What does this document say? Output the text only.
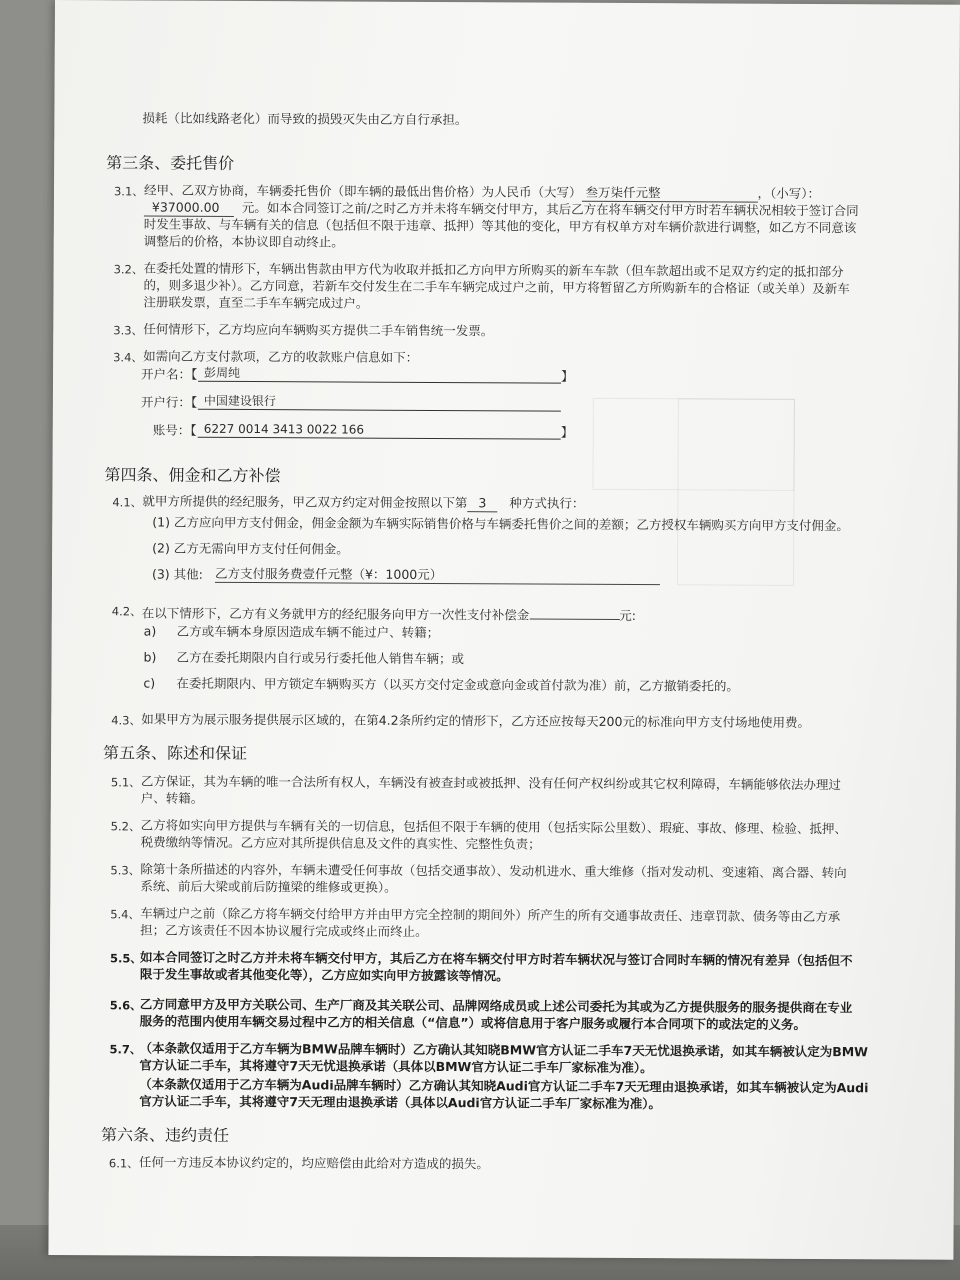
损耗（比如线路老化）而导致的损毁灭失由乙方自行承担。
第三条、委托售价
3.1、 经甲、乙双方协商，车辆委托售价（即车辆的最低出售价格）为人民币（大写） 叁万柒仟元整	，（小写）：
¥37000.00 元。如本合同签订之前/之时乙方并未将车辆交付甲方，其后乙方在将车辆交付甲方时若车辆状况相较于签订合同
时发生事故、与车辆有关的信息（包括但不限于违章、抵押）等其他的变化，甲方有权单方对车辆价款进行调整，如乙方不同意该
调整后的价格，本协议即自动终止。
3.2、 在委托处置的情形下，车辆出售款由甲方代为收取并抵扣乙方向甲方所购买的新车车款（但车款超出或不足双方约定的抵扣部分
的，则多退少补）。乙方同意，若新车交付发生在二手车车辆完成过户之前，甲方将暂留乙方所购新车的合格证（或关单）及新车
注册联发票，直至二手车车辆完成过户。
3.3、 任何情形下，乙方均应向车辆购买方提供二手车销售统一发票。
3.4、 如需向乙方支付款项，乙方的收款账户信息如下：
开户名：【 彭周纯	】
开户行：【 中国建设银行
账号：【 6227 0014 3413 0022 166	】
第四条、佣金和乙方补偿
4.1、 就甲方所提供的经纪服务，甲乙双方约定对佣金按照以下第 3 种方式执行：
(1) 乙方应向甲方支付佣金，佣金金额为车辆实际销售价格与车辆委托售价之间的差额；乙方授权车辆购买方向甲方支付佣金。
(2) 乙方无需向甲方支付任何佣金。
(3) 其他: 乙方支付服务费壹仟元整（¥：1000元）
4.2、 在以下情形下，乙方有义务就甲方的经纪服务向甲方一次性支付补偿金	元:
a) 乙方或车辆本身原因造成车辆不能过户、转籍；
b) 乙方在委托期限内自行或另行委托他人销售车辆；或
c) 在委托期限内、甲方锁定车辆购买方（以买方交付定金或意向金或首付款为准）前，乙方撤销委托的。
4.3、 如果甲方为展示服务提供展示区域的，在第4.2条所约定的情形下，乙方还应按每天200元的标准向甲方支付场地使用费。
第五条、陈述和保证
5.1、 乙方保证，其为车辆的唯一合法所有权人，车辆没有被查封或被抵押、没有任何产权纠纷或其它权利障碍，车辆能够依法办理过
户、转籍。
5.2、 乙方将如实向甲方提供与车辆有关的一切信息，包括但不限于车辆的使用（包括实际公里数）、瑕疵、事故、修理、检验、抵押、
税费缴纳等情况。乙方应对其所提供信息及文件的真实性、完整性负责；
5.3、 除第十条所描述的内容外，车辆未遭受任何事故（包括交通事故）、发动机进水、重大维修（指对发动机、变速箱、离合器、转向
系统、前后大梁或前后防撞梁的维修或更换）。
5.4、 车辆过户之前（除乙方将车辆交付给甲方并由甲方完全控制的期间外）所产生的所有交通事故责任、违章罚款、债务等由乙方承
担；乙方该责任不因本协议履行完成或终止而终止。
5.5、
如本合同签订之时乙方并未将车辆交付甲方，其后乙方在将车辆交付甲方时若车辆状况与签订合同时车辆的情况有差异（包括但不
限于发生事故或者其他变化等），乙方应如实向甲方披露该等情况。
5.6、
乙方同意甲方及甲方关联公司、生产厂商及其关联公司、品牌网络成员或上述公司委托为其或为乙方提供服务的服务提供商在专业
服务的范围内使用车辆交易过程中乙方的相关信息（“信息”）或将信息用于客户服务或履行本合同项下的或法定的义务。
5.7、
（本条款仅适用于乙方车辆为BMW品牌车辆时）乙方确认其知晓BMW官方认证二手车7天无忧退换承诺，如其车辆被认定为BMW
官方认证二手车，其将遵守7天无忧退换承诺（具体以BMW官方认证二手车厂家标准为准）。
（本条款仅适用于乙方车辆为Audi品牌车辆时）乙方确认其知晓Audi官方认证二手车7天无理由退换承诺，如其车辆被认定为Audi
官方认证二手车，其将遵守7天无理由退换承诺（具体以Audi官方认证二手车厂家标准为准）。
第六条、违约责任
6.1、 任何一方违反本协议约定的，均应赔偿由此给对方造成的损失。
